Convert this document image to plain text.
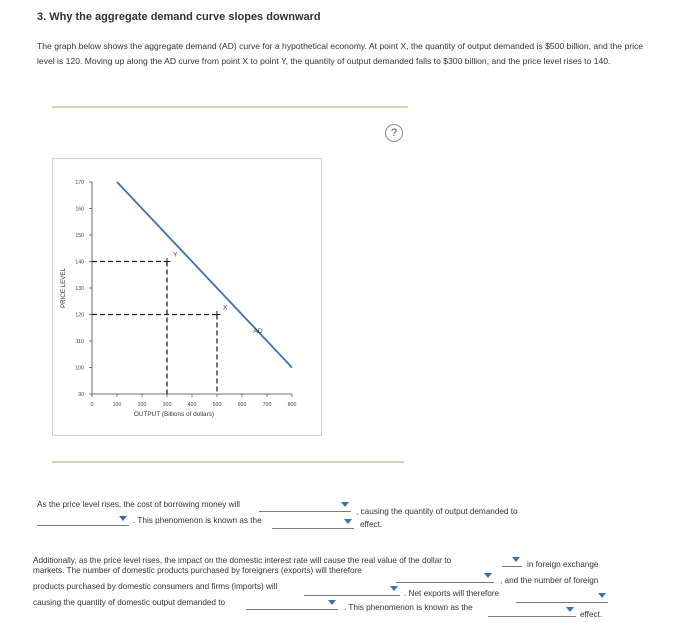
3. Why the aggregate demand curve slopes downward
The graph below shows the aggregate demand (AD) curve for a hypothetical economy. At point X, the quantity of output demanded is $500 billion, and the price level is 120. Moving up along the AD curve from point X to point Y, the quantity of output demanded falls to $300 billion, and the price level rises to 140.
?
170
160
150
140
130
120
110
100
90
0	100	200	300	400	500	600	700	800
OUTPUT (Billions of dollars)
PRICE LEVEL
AD
Y
X
As the price level rises, the cost of borrowing money will
, causing the quantity of output demanded to
. This phenomenon is known as the	effect.
Additionally, as the price level rises, the impact on the domestic interest rate will cause the real value of the dollar to	in foreign exchange
markets. The number of domestic products purchased by foreigners (exports) will therefore
, and the number of foreign
products purchased by domestic consumers and firms (imports) will
. Net exports will therefore
causing the quantity of domestic output demanded to
. This phenomenon is known as the
effect.
